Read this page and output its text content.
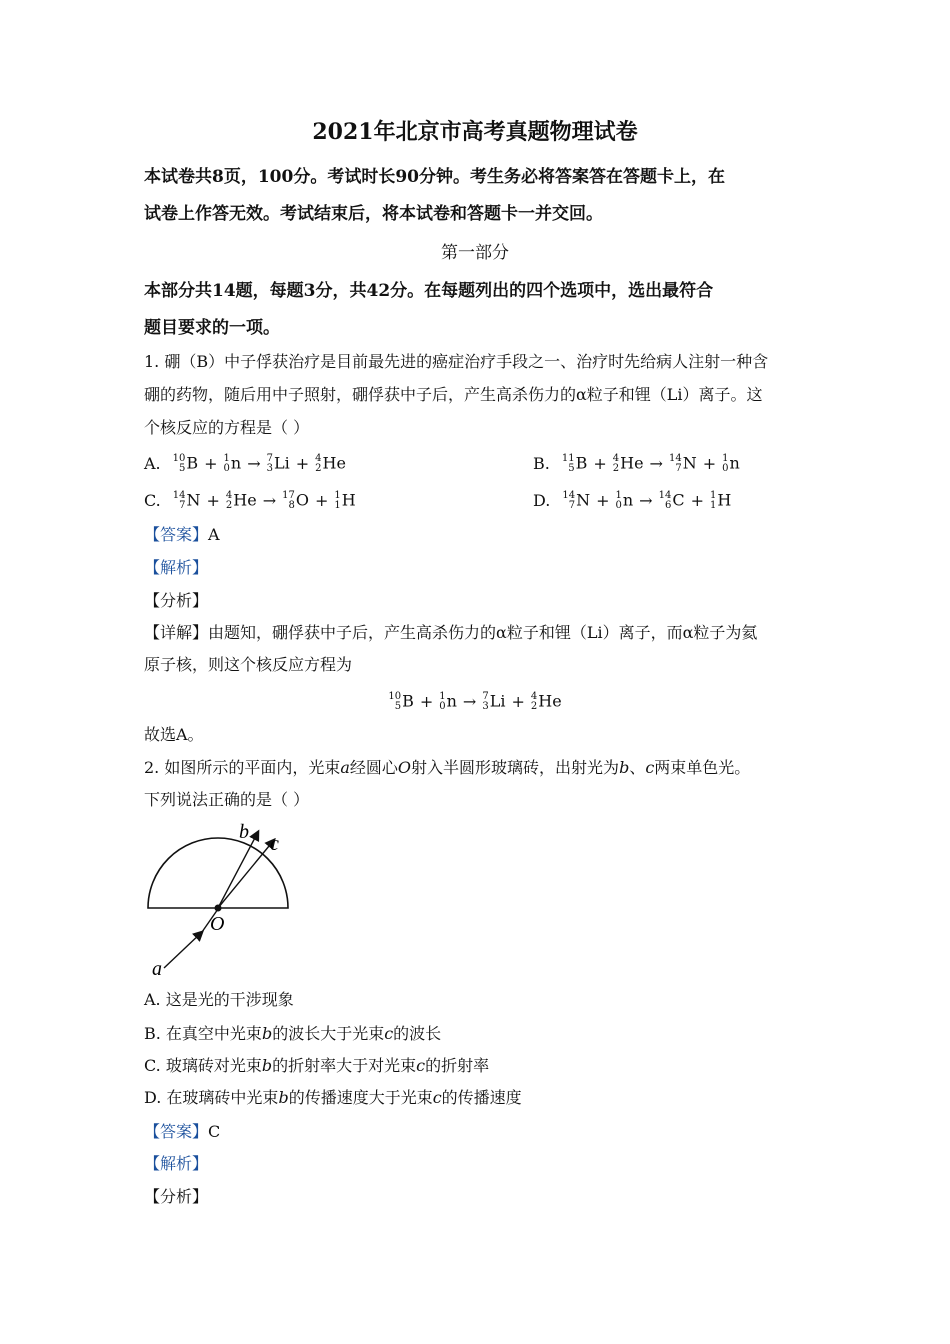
2021年北京市高考真题物理试卷
本试卷共8页，100分。考试时长90分钟。考生务必将答案答在答题卡上，在
试卷上作答无效。考试结束后，将本试卷和答题卡一并交回。
第一部分
本部分共14题，每题3分，共42分。在每题列出的四个选项中，选出最符合
题目要求的一项。
1. 硼（B）中子俘获治疗是目前最先进的癌症治疗手段之一、治疗时先给病人注射一种含
硼的药物，随后用中子照射，硼俘获中子后，产生高杀伤力的α粒子和锂（Li）离子。这
个核反应的方程是（ ）
A. 10
5 B + 1
0 n → 7
3 Li + 4
2 He	B. 11
5 B + 4
2 He → 14
7 N + 1
0 n
C. 14
7 N + 4
2 He → 17
8 O + 1
1 H	D. 14
7 N + 1
0 n → 14
6 C + 1
1 H
【答案】A
【解析】
【分析】
【详解】由题知，硼俘获中子后，产生高杀伤力的α粒子和锂（Li）离子，而α粒子为氦
原子核，则这个核反应方程为
10
5 B + 1
0 n → 7
3 Li + 4
2 He
故选A。
2. 如图所示的平面内，光束a经圆心O射入半圆形玻璃砖，出射光为b、c两束单色光。
下列说法正确的是（ ）
O
a
b
c
A. 这是光的干涉现象
B. 在真空中光束b的波长大于光束c的波长
C. 玻璃砖对光束b的折射率大于对光束c的折射率
D. 在玻璃砖中光束b的传播速度大于光束c的传播速度
【答案】C
【解析】
【分析】
